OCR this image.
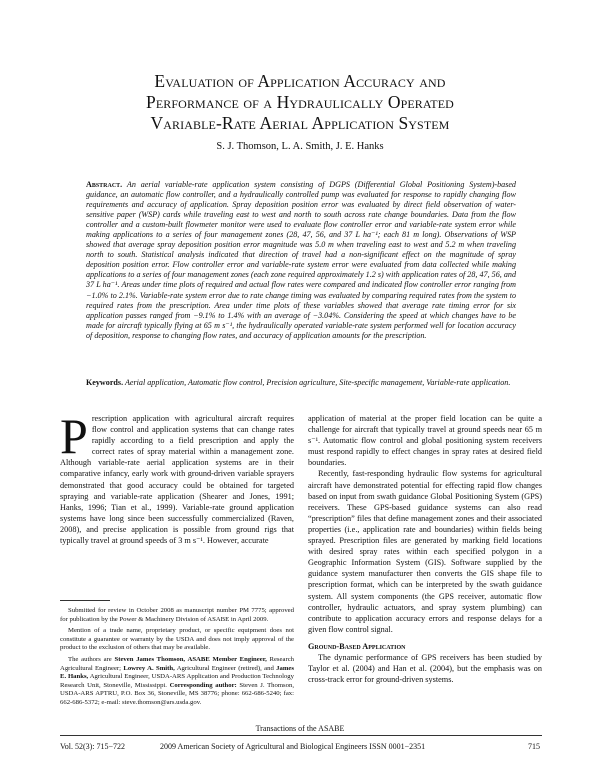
Evaluation of Application Accuracy and
Performance of a Hydraulically Operated
Variable-Rate Aerial Application System
S. J. Thomson, L. A. Smith, J. E. Hanks
Abstract. An aerial variable-rate application system consisting of DGPS (Differential Global Positioning System)-based guidance, an automatic flow controller, and a hydraulically controlled pump was evaluated for response to rapidly changing flow requirements and accuracy of application. Spray deposition position error was evaluated by direct field observation of water-sensitive paper (WSP) cards while traveling east to west and north to south across rate change boundaries. Data from the flow controller and a custom-built flowmeter monitor were used to evaluate flow controller error and variable-rate system error while making applications to a series of four management zones (28, 47, 56, and 37 L ha⁻¹; each 81 m long). Observations of WSP showed that average spray deposition position error magnitude was 5.0 m when traveling east to west and 5.2 m when traveling north to south. Statistical analysis indicated that direction of travel had a non-significant effect on the magnitude of spray deposition position error. Flow controller error and variable-rate system error were evaluated from data collected while making applications to a series of four management zones (each zone required approximately 1.2 s) with application rates of 28, 47, 56, and 37 L ha⁻¹. Areas under time plots of required and actual flow rates were compared and indicated flow controller error ranging from −1.0% to 2.1%. Variable-rate system error due to rate change timing was evaluated by comparing required rates from the system to required rates from the prescription. Area under time plots of these variables showed that average rate timing error for six application passes ranged from −9.1% to 1.4% with an average of −3.04%. Considering the speed at which changes have to be made for aircraft typically flying at 65 m s⁻¹, the hydraulically operated variable-rate system performed well for location accuracy of deposition, response to changing flow rates, and accuracy of application amounts for the prescription.
Keywords. Aerial application, Automatic flow control, Precision agriculture, Site-specific management, Variable-rate application.

Prescription application with agricultural aircraft requires flow control and application systems that can change rates rapidly according to a field prescription and apply the correct rates of spray material within a management zone. Although variable-rate aerial application systems are in their comparative infancy, early work with ground-driven variable sprayers demonstrated that good accuracy could be obtained for targeted spraying and variable-rate application (Shearer and Jones, 1991; Hanks, 1996; Tian et al., 1999). Variable-rate ground application systems have long since been successfully commercialized (Raven, 2008), and precise application is possible from ground rigs that typically travel at ground speeds of 3 m s⁻¹. However, accurate

Submitted for review in October 2008 as manuscript number PM 7775; approved for publication by the Power & Machinery Division of ASABE in April 2009.

Mention of a trade name, proprietary product, or specific equipment does not constitute a guarantee or warranty by the USDA and does not imply approval of the product to the exclusion of others that may be available.

The authors are Steven James Thomson, ASABE Member Engineer, Research Agricultural Engineer; Lowrey A. Smith, Agricultural Engineer (retired), and James E. Hanks, Agricultural Engineer, USDA-ARS Application and Production Technology Research Unit, Stoneville, Mississippi. Corresponding author: Steven J. Thomson, USDA-ARS APTRU, P.O. Box 36, Stoneville, MS 38776; phone: 662-686-5240; fax: 662-686-5372; e-mail: steve.thomson@ars.usda.gov.

application of material at the proper field location can be quite a challenge for aircraft that typically travel at ground speeds near 65 m s⁻¹. Automatic flow control and global positioning system receivers must respond rapidly to effect changes in spray rates at desired field boundaries.

Recently, fast-responding hydraulic flow systems for agricultural aircraft have demonstrated potential for effecting rapid flow changes based on input from swath guidance Global Positioning System (GPS) receivers. These GPS-based guidance systems can also read “prescription” files that define management zones and their associated properties (i.e., application rate and boundaries) within fields being sprayed. Prescription files are generated by marking field locations with desired spray rates within each specified polygon in a Geographic Information System (GIS). Software supplied by the guidance system manufacturer then converts the GIS shape file to prescription format, which can be interpreted by the swath guidance system. All system components (the GPS receiver, automatic flow controller, hydraulic actuators, and spray system plumbing) can contribute to application accuracy errors and response delays for a given flow control signal.

Ground-Based Application

The dynamic performance of GPS receivers has been studied by Taylor et al. (2004) and Han et al. (2004), but the emphasis was on cross-track error for ground-driven systems.

Transactions of the ASABE
Vol. 52(3): 715−722	2009 American Society of Agricultural and Biological Engineers ISSN 0001−2351	715
